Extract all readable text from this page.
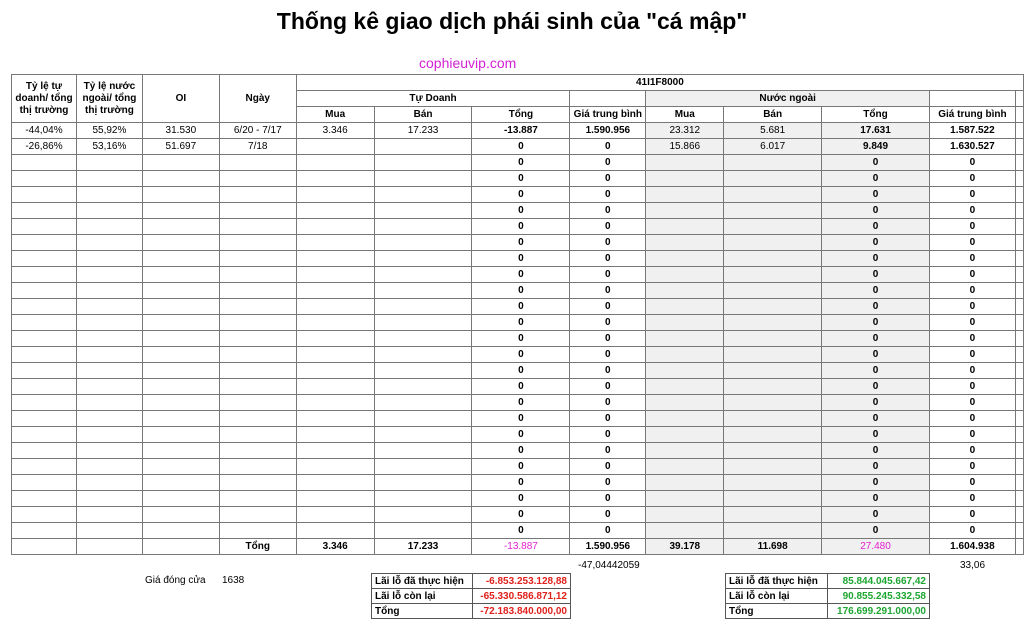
Thống kê giao dịch phái sinh của "cá mập"
cophieuvip.com
Tỷ lệ tự doanh/ tổng thị trường	Tỷ lệ nước ngoài/ tổng thị trường	OI	Ngày	41I1F8000								
				Tự Doanh				Nước ngoài				
				Mua	Bán	Tổng	Giá trung bình	Mua	Bán	Tổng	Giá trung bình	
-44,04%	55,92%	31.530	6/20 - 7/17	3.346	17.233	-13.887	1.590.956	23.312	5.681	17.631	1.587.522	
-26,86%	53,16%	51.697	7/18			0	0	15.866	6.017	9.849	1.630.527	
						0	0			0	0	
						0	0			0	0	
						0	0			0	0	
						0	0			0	0	
						0	0			0	0	
						0	0			0	0	
						0	0			0	0	
						0	0			0	0	
						0	0			0	0	
						0	0			0	0	
						0	0			0	0	
						0	0			0	0	
						0	0			0	0	
						0	0			0	0	
						0	0			0	0	
						0	0			0	0	
						0	0			0	0	
						0	0			0	0	
						0	0			0	0	
						0	0			0	0	
						0	0			0	0	
						0	0			0	0	
						0	0			0	0	
						0	0			0	0	
			Tổng	3.346	17.233	-13.887	1.590.956	39.178	11.698	27.480	1.604.938	
-47,04442059	33,06
Giá đóng cửa 1638	Lãi lỗ đã thực hiện	-6.853.253.128,88
Lãi lỗ còn lại	-65.330.586.871,12
Tổng	-72.183.840.000,00
Lãi lỗ đã thực hiện	85.844.045.667,42
Lãi lỗ còn lại	90.855.245.332,58
Tổng	176.699.291.000,00
